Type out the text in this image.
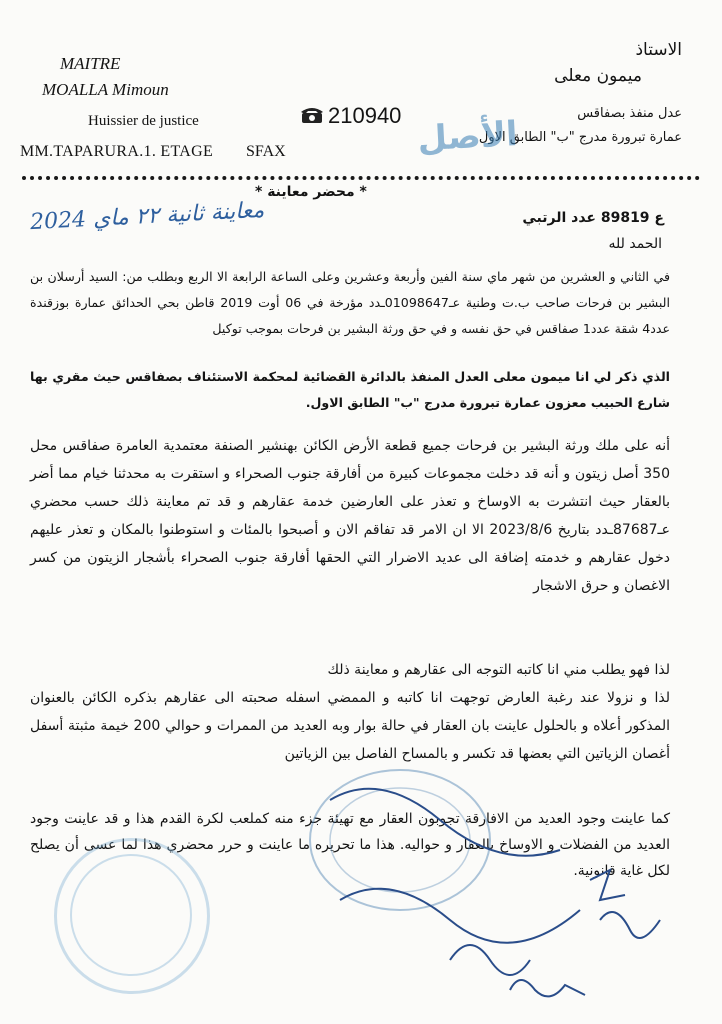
MAITRE
MOALLA Mimoun
Huissier de justice
MM.TAPARURA.1. ETAGE SFAX
210940
الاستاذ
ميمون معلى
عدل منفذ بصفاقس
عمارة تبرورة مدرج "ب" الطابق الاول
الأصل
* محضر معاينة *
معاينة ثانية ٢٢ ماي 2024	ع 89819 عدد الرتبي
الحمد لله
في الثاني و العشرين من شهر ماي سنة الفين وأربعة وعشرين وعلى الساعة الرابعة الا الربع وبطلب من: السيد أرسلان بن البشير بن فرحات صاحب ب.ت وطنية عـ01098647ـدد مؤرخة في 06 أوت 2019 قاطن بحي الحدائق عمارة بوزقندة عدد4 شقة عدد1 صفاقس في حق نفسه و في حق ورثة البشير بن فرحات بموجب توكيل
الذي ذكر لي انا ميمون معلى العدل المنفذ بالدائرة القضائية لمحكمة الاستئناف بصفاقس حيث مقري بها شارع الحبيب معزون عمارة تبرورة مدرج "ب" الطابق الاول.
أنه على ملك ورثة البشير بن فرحات جميع قطعة الأرض الكائن بهنشير الصنفة معتمدية العامرة صفاقس محل 350 أصل زيتون و أنه قد دخلت مجموعات كبيرة من أفارقة جنوب الصحراء و استقرت به محدثنا خيام مما أضر بالعقار حيث انتشرت به الاوساخ و تعذر على العارضين خدمة عقارهم و قد تم معاينة ذلك حسب محضري عـ87687ـدد بتاريخ 2023/8/6 الا ان الامر قد تفاقم الان و أصبحوا بالمئات و استوطنوا بالمكان و تعذر عليهم دخول عقارهم و خدمته إضافة الى عديد الاضرار التي الحقها أفارقة جنوب الصحراء بأشجار الزيتون من كسر الاغصان و حرق الاشجار
لذا فهو يطلب مني انا كاتبه التوجه الى عقارهم و معاينة ذلك
لذا و نزولا عند رغبة العارض توجهت انا كاتبه و الممضي اسفله صحبته الى عقارهم بذكره الكائن بالعنوان المذكور أعلاه و بالحلول عاينت بان العقار في حالة بوار وبه العديد من الممرات و حوالي 200 خيمة مثبتة أسفل أغصان الزياتين التي بعضها قد تكسر و بالمساح الفاصل بين الزياتين
كما عاينت وجود العديد من الافارقة تجوبون العقار مع تهيئة جزء منه كملعب لكرة القدم هذا و قد عاينت وجود العديد من الفضلات و الاوساخ بالعقار و حواليه. هذا ما تحريره ما عاينت و حرر محضري هذا لما عسى أن يصلح لكل غاية قانونية.
